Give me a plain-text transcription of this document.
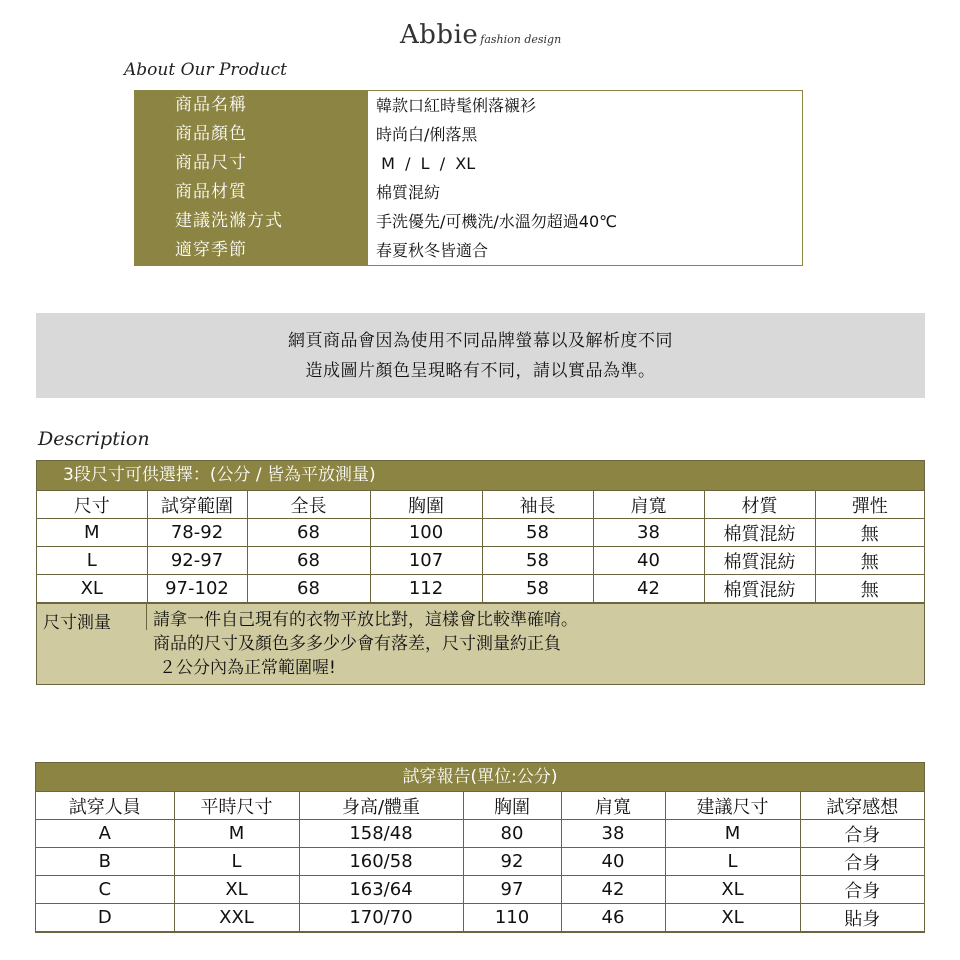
Abbie fashion design
About Our Product
商品名稱	韓款口紅時髦俐落襯衫
商品顏色	時尚白/俐落黑
商品尺寸	M  /  L  /  XL
商品材質	棉質混紡
建議洗滌方式	手洗優先/可機洗/水溫勿超過40℃
適穿季節	春夏秋冬皆適合
網頁商品會因為使用不同品牌螢幕以及解析度不同
造成圖片顏色呈現略有不同，請以實品為準。
Description
3段尺寸可供選擇：(公分 / 皆為平放測量)
尺寸	試穿範圍	全長	胸圍	袖長	肩寬	材質	彈性
M	78-92	68	100	58	38	棉質混紡	無
L	92-97	68	107	58	40	棉質混紡	無
XL	97-102	68	112	58	42	棉質混紡	無
尺寸測量	請拿一件自己現有的衣物平放比對，這樣會比較準確唷。
商品的尺寸及顏色多多少少會有落差，尺寸測量約正負
２公分內為正常範圍喔!
試穿報告(單位:公分)
試穿人員	平時尺寸	身高/體重	胸圍	肩寬	建議尺寸	試穿感想
A	M	158/48	80	38	M	合身
B	L	160/58	92	40	L	合身
C	XL	163/64	97	42	XL	合身
D	XXL	170/70	110	46	XL	貼身
